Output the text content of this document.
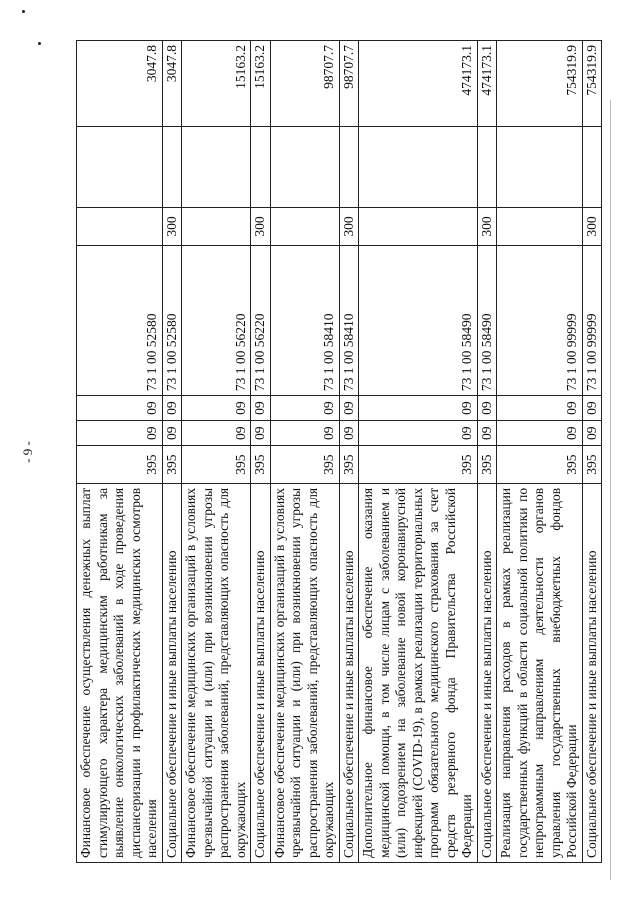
- 9 -
Финансовое обеспечение осуществления денежных выплат стимулирующего характера медицинским работникам за выявление онкологических заболеваний в ходе проведения диспансеризации и профилактических медицинских осмотров населения	395	09	09	73 1 00 52580			3047.8
Социальное обеспечение и иные выплаты населению	395	09	09	73 1 00 52580	300		3047.8
Финансовое обеспечение медицинских организаций в условиях чрезвычайной ситуации и (или) при возникновении угрозы распространения заболеваний, представляющих опасность для окружающих	395	09	09	73 1 00 56220			15163.2
Социальное обеспечение и иные выплаты населению	395	09	09	73 1 00 56220	300		15163.2
Финансовое обеспечение медицинских организаций в условиях чрезвычайной ситуации и (или) при возникновении угрозы распространения заболеваний, представляющих опасность для окружающих	395	09	09	73 1 00 58410			98707.7
Социальное обеспечение и иные выплаты населению	395	09	09	73 1 00 58410	300		98707.7
Дополнительное финансовое обеспечение оказания медицинской помощи, в том числе лицам с заболеванием и (или) подозрением на заболевание новой коронавирусной инфекцией (COVID-19), в рамках реализации территориальных программ обязательного медицинского страхования за счет средств резервного фонда Правительства Российской Федерации	395	09	09	73 1 00 58490			474173.1
Социальное обеспечение и иные выплаты населению	395	09	09	73 1 00 58490	300		474173.1
Реализация направления расходов в рамках реализации государственных функций в области социальной политики по непрограммным направлениям деятельности органов управления государственных внебюджетных фондов Российской Федерации	395	09	09	73 1 00 99999			754319.9
Социальное обеспечение и иные выплаты населению	395	09	09	73 1 00 99999	300		754319.9
